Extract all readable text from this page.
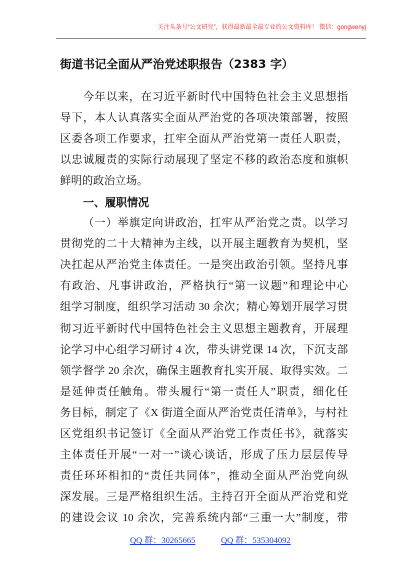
关注头条号“公文研究”，获得最新最全最专业的公文资料库！ 微信：gongwenyj
街道书记全面从严治党述职报告（2383 字）
今年以来，在习近平新时代中国特色社会主义思想指
导下，本人认真落实全面从严治党的各项决策部署，按照
区委各项工作要求，扛牢全面从严治党第一责任人职责，
以忠诚履责的实际行动展现了坚定不移的政治态度和旗帜
鲜明的政治立场。
一、履职情况
（一）举旗定向讲政治，扛牢从严治党之责。以学习
贯彻党的二十大精神为主线，以开展主题教育为契机，坚
决扛起从严治党主体责任。一是突出政治引领。坚持凡事
有政治、凡事讲政治，严格执行“第一议题”和理论中心
组学习制度，组织学习活动 30 余次；精心筹划开展学习贯
彻习近平新时代中国特色社会主义思想主题教育，开展理
论学习中心组学习研讨 4 次，带头讲党课 14 次，下沉支部
领学督学 20 余次，确保主题教育扎实开展、取得实效。二
是延伸责任触角。带头履行“第一责任人”职责，细化任
务目标，制定了《X 街道全面从严治党责任清单》，与村社
区党组织书记签订《全面从严治党工作责任书》，就落实
主体责任开展“一对一”谈心谈话，形成了压力层层传导
责任环环相扣的“责任共同体”，推动全面从严治党向纵
深发展。三是严格组织生活。主持召开全面从严治党和党
的建设会议 10 余次，完善系统内部“三重一大”制度，带
QQ 群：30265665	QQ 群：535304092
